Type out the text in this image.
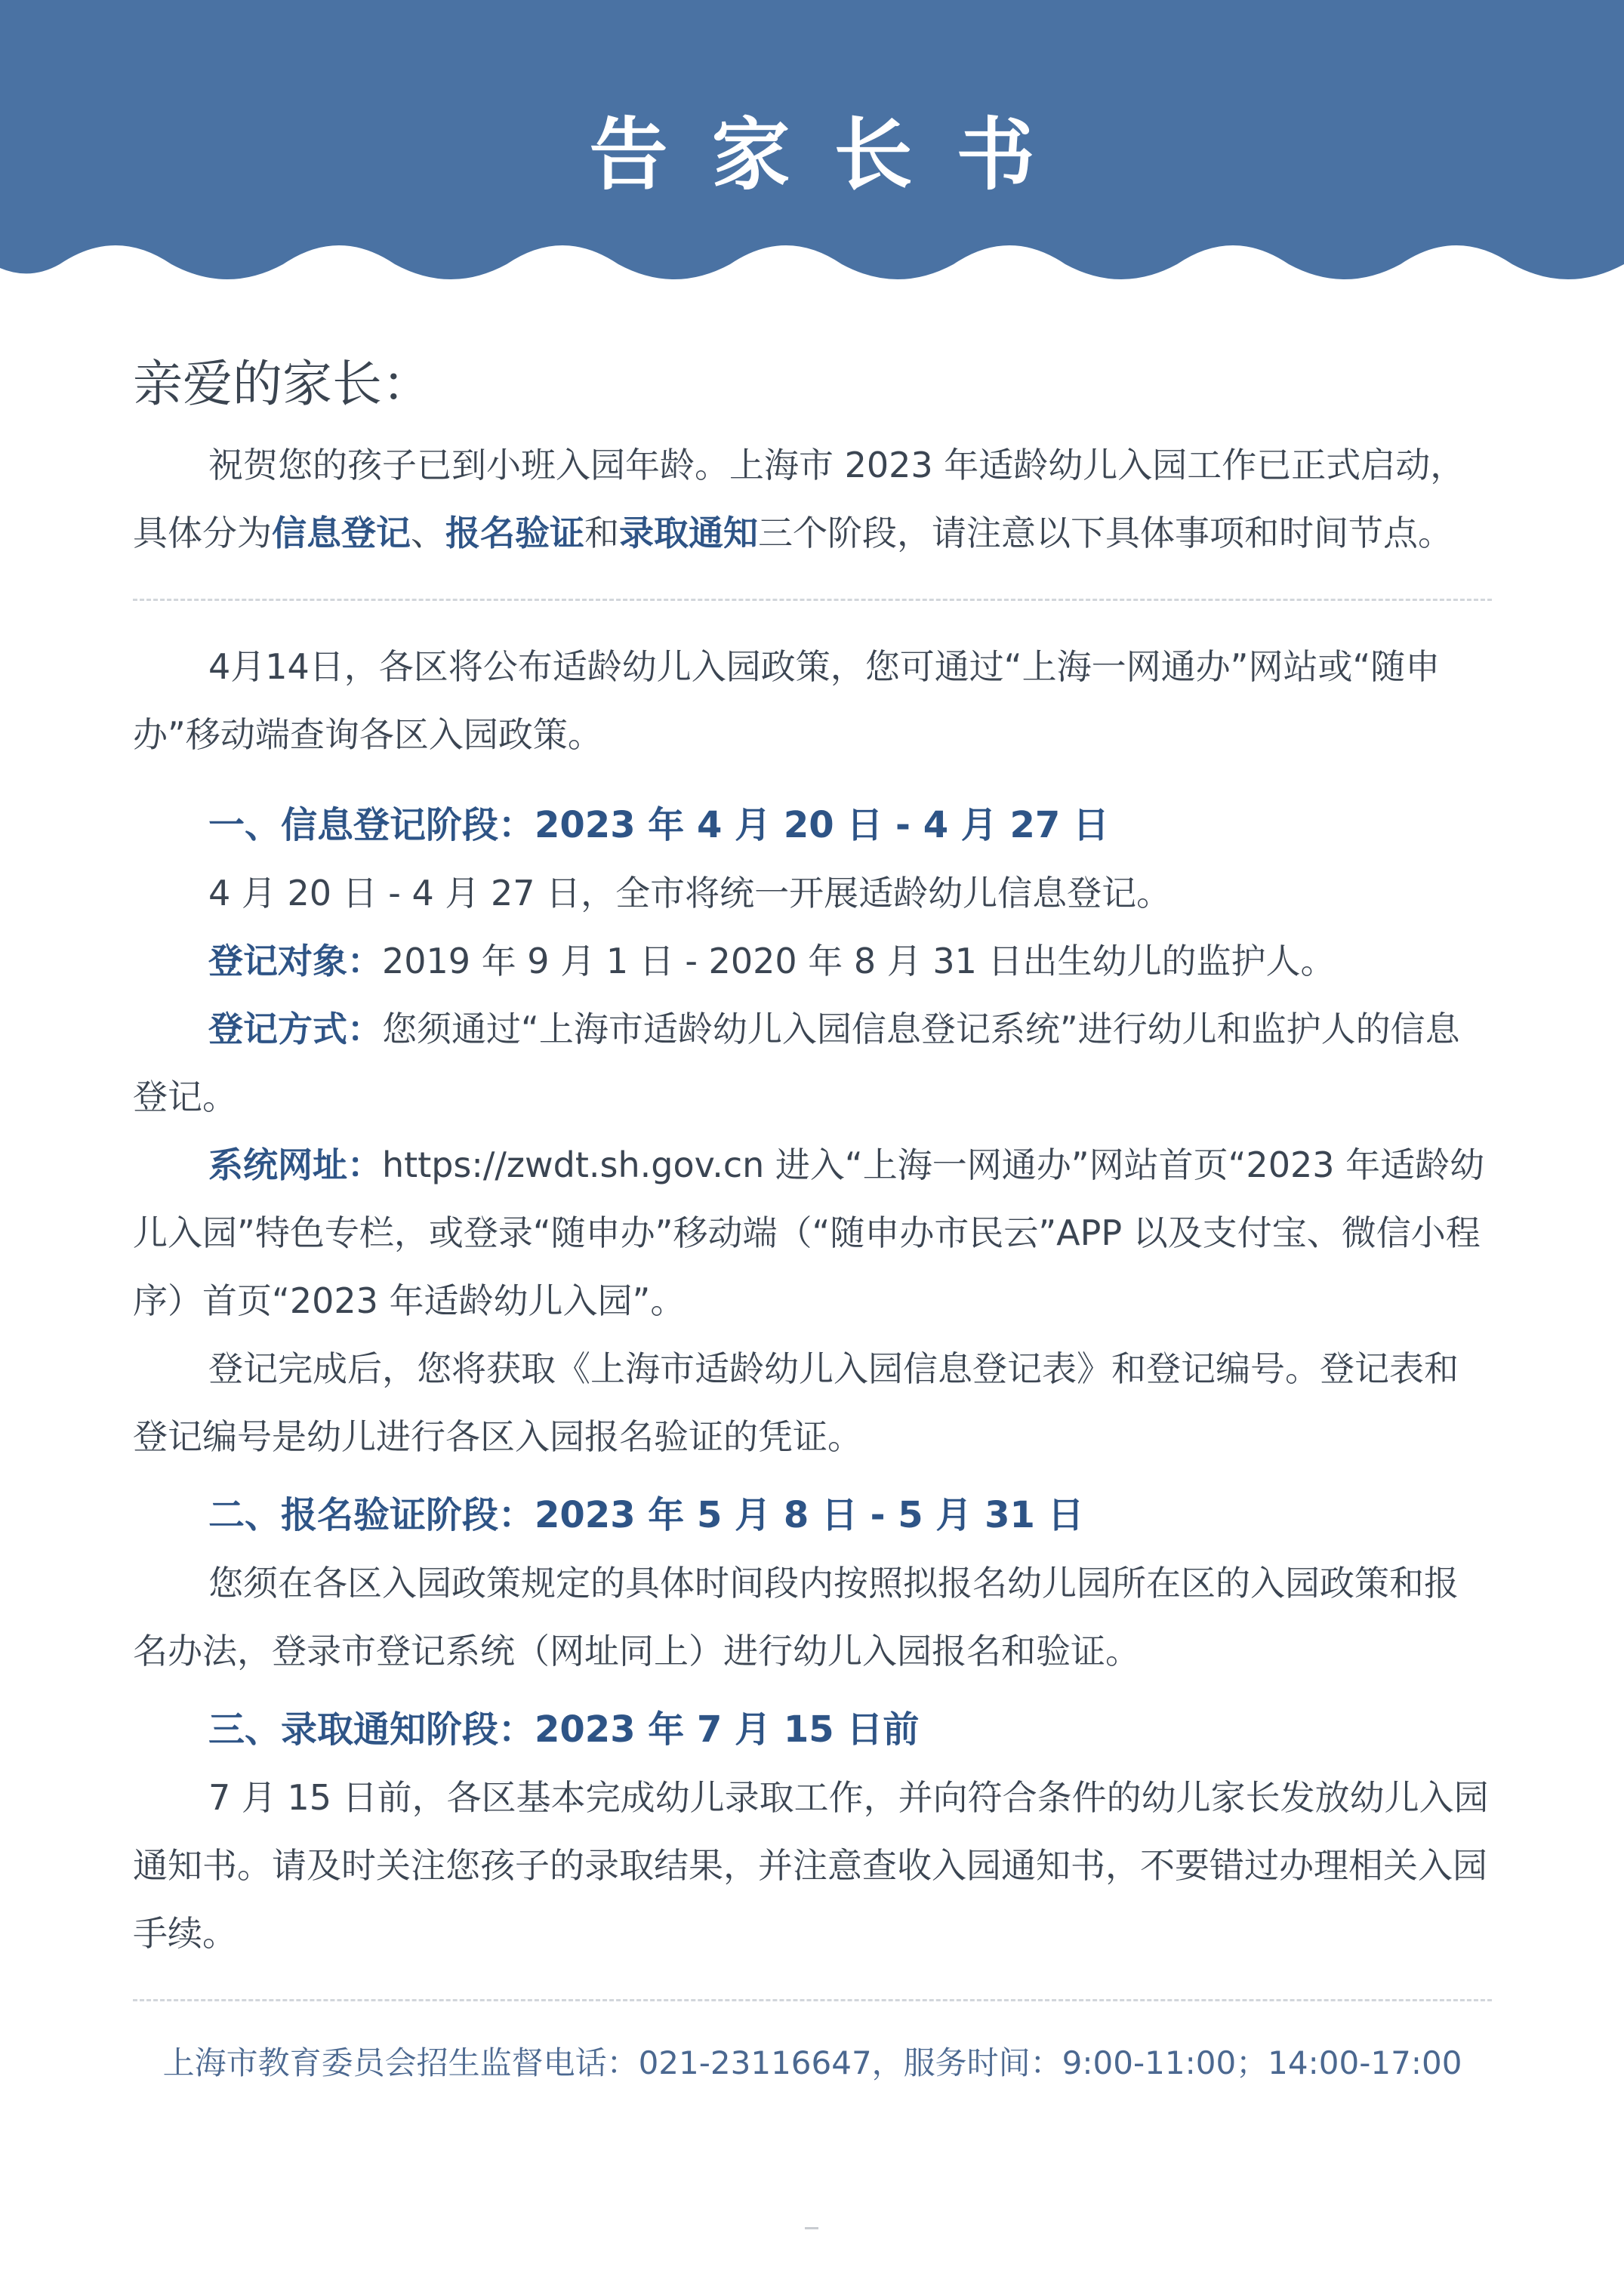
告家长书
亲爱的家长：

祝贺您的孩子已到小班入园年龄。上海市 2023 年适龄幼儿入园工作已正式启动，具体分为信息登记、报名验证和录取通知三个阶段，请注意以下具体事项和时间节点。

4月14日，各区将公布适龄幼儿入园政策，您可通过“上海一网通办”网站或“随申办”移动端查询各区入园政策。

一、信息登记阶段：2023 年 4 月 20 日 - 4 月 27 日

4 月 20 日 - 4 月 27 日，全市将统一开展适龄幼儿信息登记。

登记对象：2019 年 9 月 1 日 - 2020 年 8 月 31 日出生幼儿的监护人。

登记方式：您须通过“上海市适龄幼儿入园信息登记系统”进行幼儿和监护人的信息登记。

系统网址：https://zwdt.sh.gov.cn 进入“上海一网通办”网站首页“2023 年适龄幼儿入园”特色专栏，或登录“随申办”移动端（“随申办市民云”APP 以及支付宝、微信小程序）首页“2023 年适龄幼儿入园”。

登记完成后，您将获取《上海市适龄幼儿入园信息登记表》和登记编号。登记表和登记编号是幼儿进行各区入园报名验证的凭证。

二、报名验证阶段：2023 年 5 月 8 日 - 5 月 31 日

您须在各区入园政策规定的具体时间段内按照拟报名幼儿园所在区的入园政策和报名办法，登录市登记系统（网址同上）进行幼儿入园报名和验证。

三、录取通知阶段：2023 年 7 月 15 日前

7 月 15 日前，各区基本完成幼儿录取工作，并向符合条件的幼儿家长发放幼儿入园通知书。请及时关注您孩子的录取结果，并注意查收入园通知书，不要错过办理相关入园手续。

上海市教育委员会招生监督电话：021-23116647，服务时间：9:00-11:00；14:00-17:00
